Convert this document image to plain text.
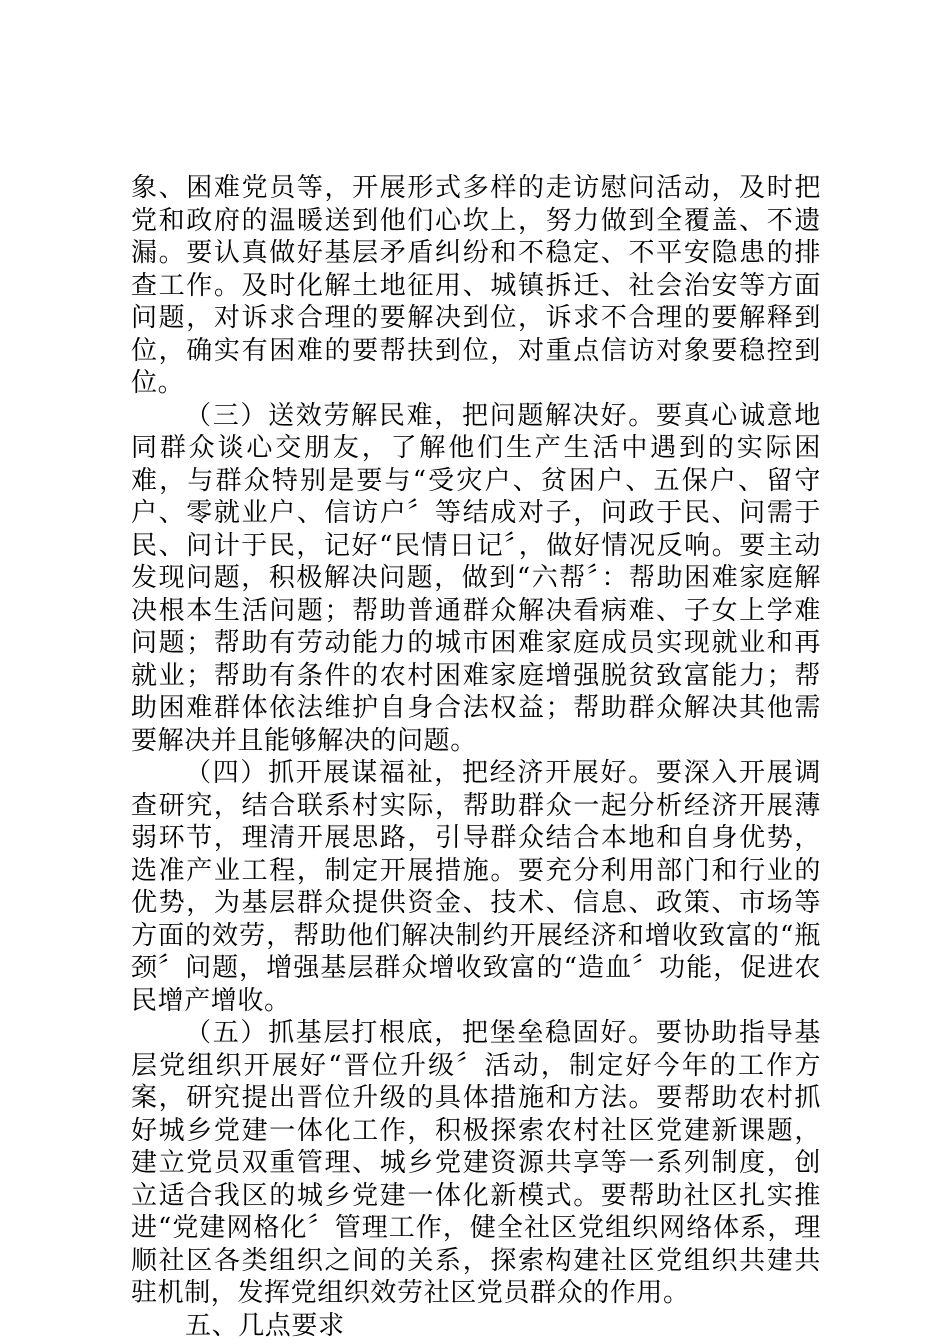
象、困难党员等，开展形式多样的走访慰问活动，及时把党和政府的温暖送到他们心坎上，努力做到全覆盖、不遗漏。要认真做好基层矛盾纠纷和不稳定、不平安隐患的排查工作。及时化解土地征用、城镇拆迁、社会治安等方面问题，对诉求合理的要解决到位，诉求不合理的要解释到位，确实有困难的要帮扶到位，对重点信访对象要稳控到位。

（三）送效劳解民难，把问题解决好。要真心诚意地同群众谈心交朋友，了解他们生产生活中遇到的实际困难，与群众特别是要与“受灾户、贫困户、五保户、留守户、零就业户、信访户〞等结成对子，问政于民、问需于民、问计于民，记好“民情日记〞，做好情况反响。要主动发现问题，积极解决问题，做到“六帮〞：帮助困难家庭解决根本生活问题；帮助普通群众解决看病难、子女上学难问题；帮助有劳动能力的城市困难家庭成员实现就业和再就业；帮助有条件的农村困难家庭增强脱贫致富能力；帮助困难群体依法维护自身合法权益；帮助群众解决其他需要解决并且能够解决的问题。

（四）抓开展谋福祉，把经济开展好。要深入开展调查研究，结合联系村实际，帮助群众一起分析经济开展薄弱环节，理清开展思路，引导群众结合本地和自身优势，选准产业工程，制定开展措施。要充分利用部门和行业的优势，为基层群众提供资金、技术、信息、政策、市场等方面的效劳，帮助他们解决制约开展经济和增收致富的“瓶颈〞问题，增强基层群众增收致富的“造血〞功能，促进农民增产增收。

（五）抓基层打根底，把堡垒稳固好。要协助指导基层党组织开展好“晋位升级〞活动，制定好今年的工作方案，研究提出晋位升级的具体措施和方法。要帮助农村抓好城乡党建一体化工作，积极探索农村社区党建新课题，建立党员双重管理、城乡党建资源共享等一系列制度，创立适合我区的城乡党建一体化新模式。要帮助社区扎实推进“党建网格化〞管理工作，健全社区党组织网络体系，理顺社区各类组织之间的关系，探索构建社区党组织共建共驻机制，发挥党组织效劳社区党员群众的作用。

五、几点要求
